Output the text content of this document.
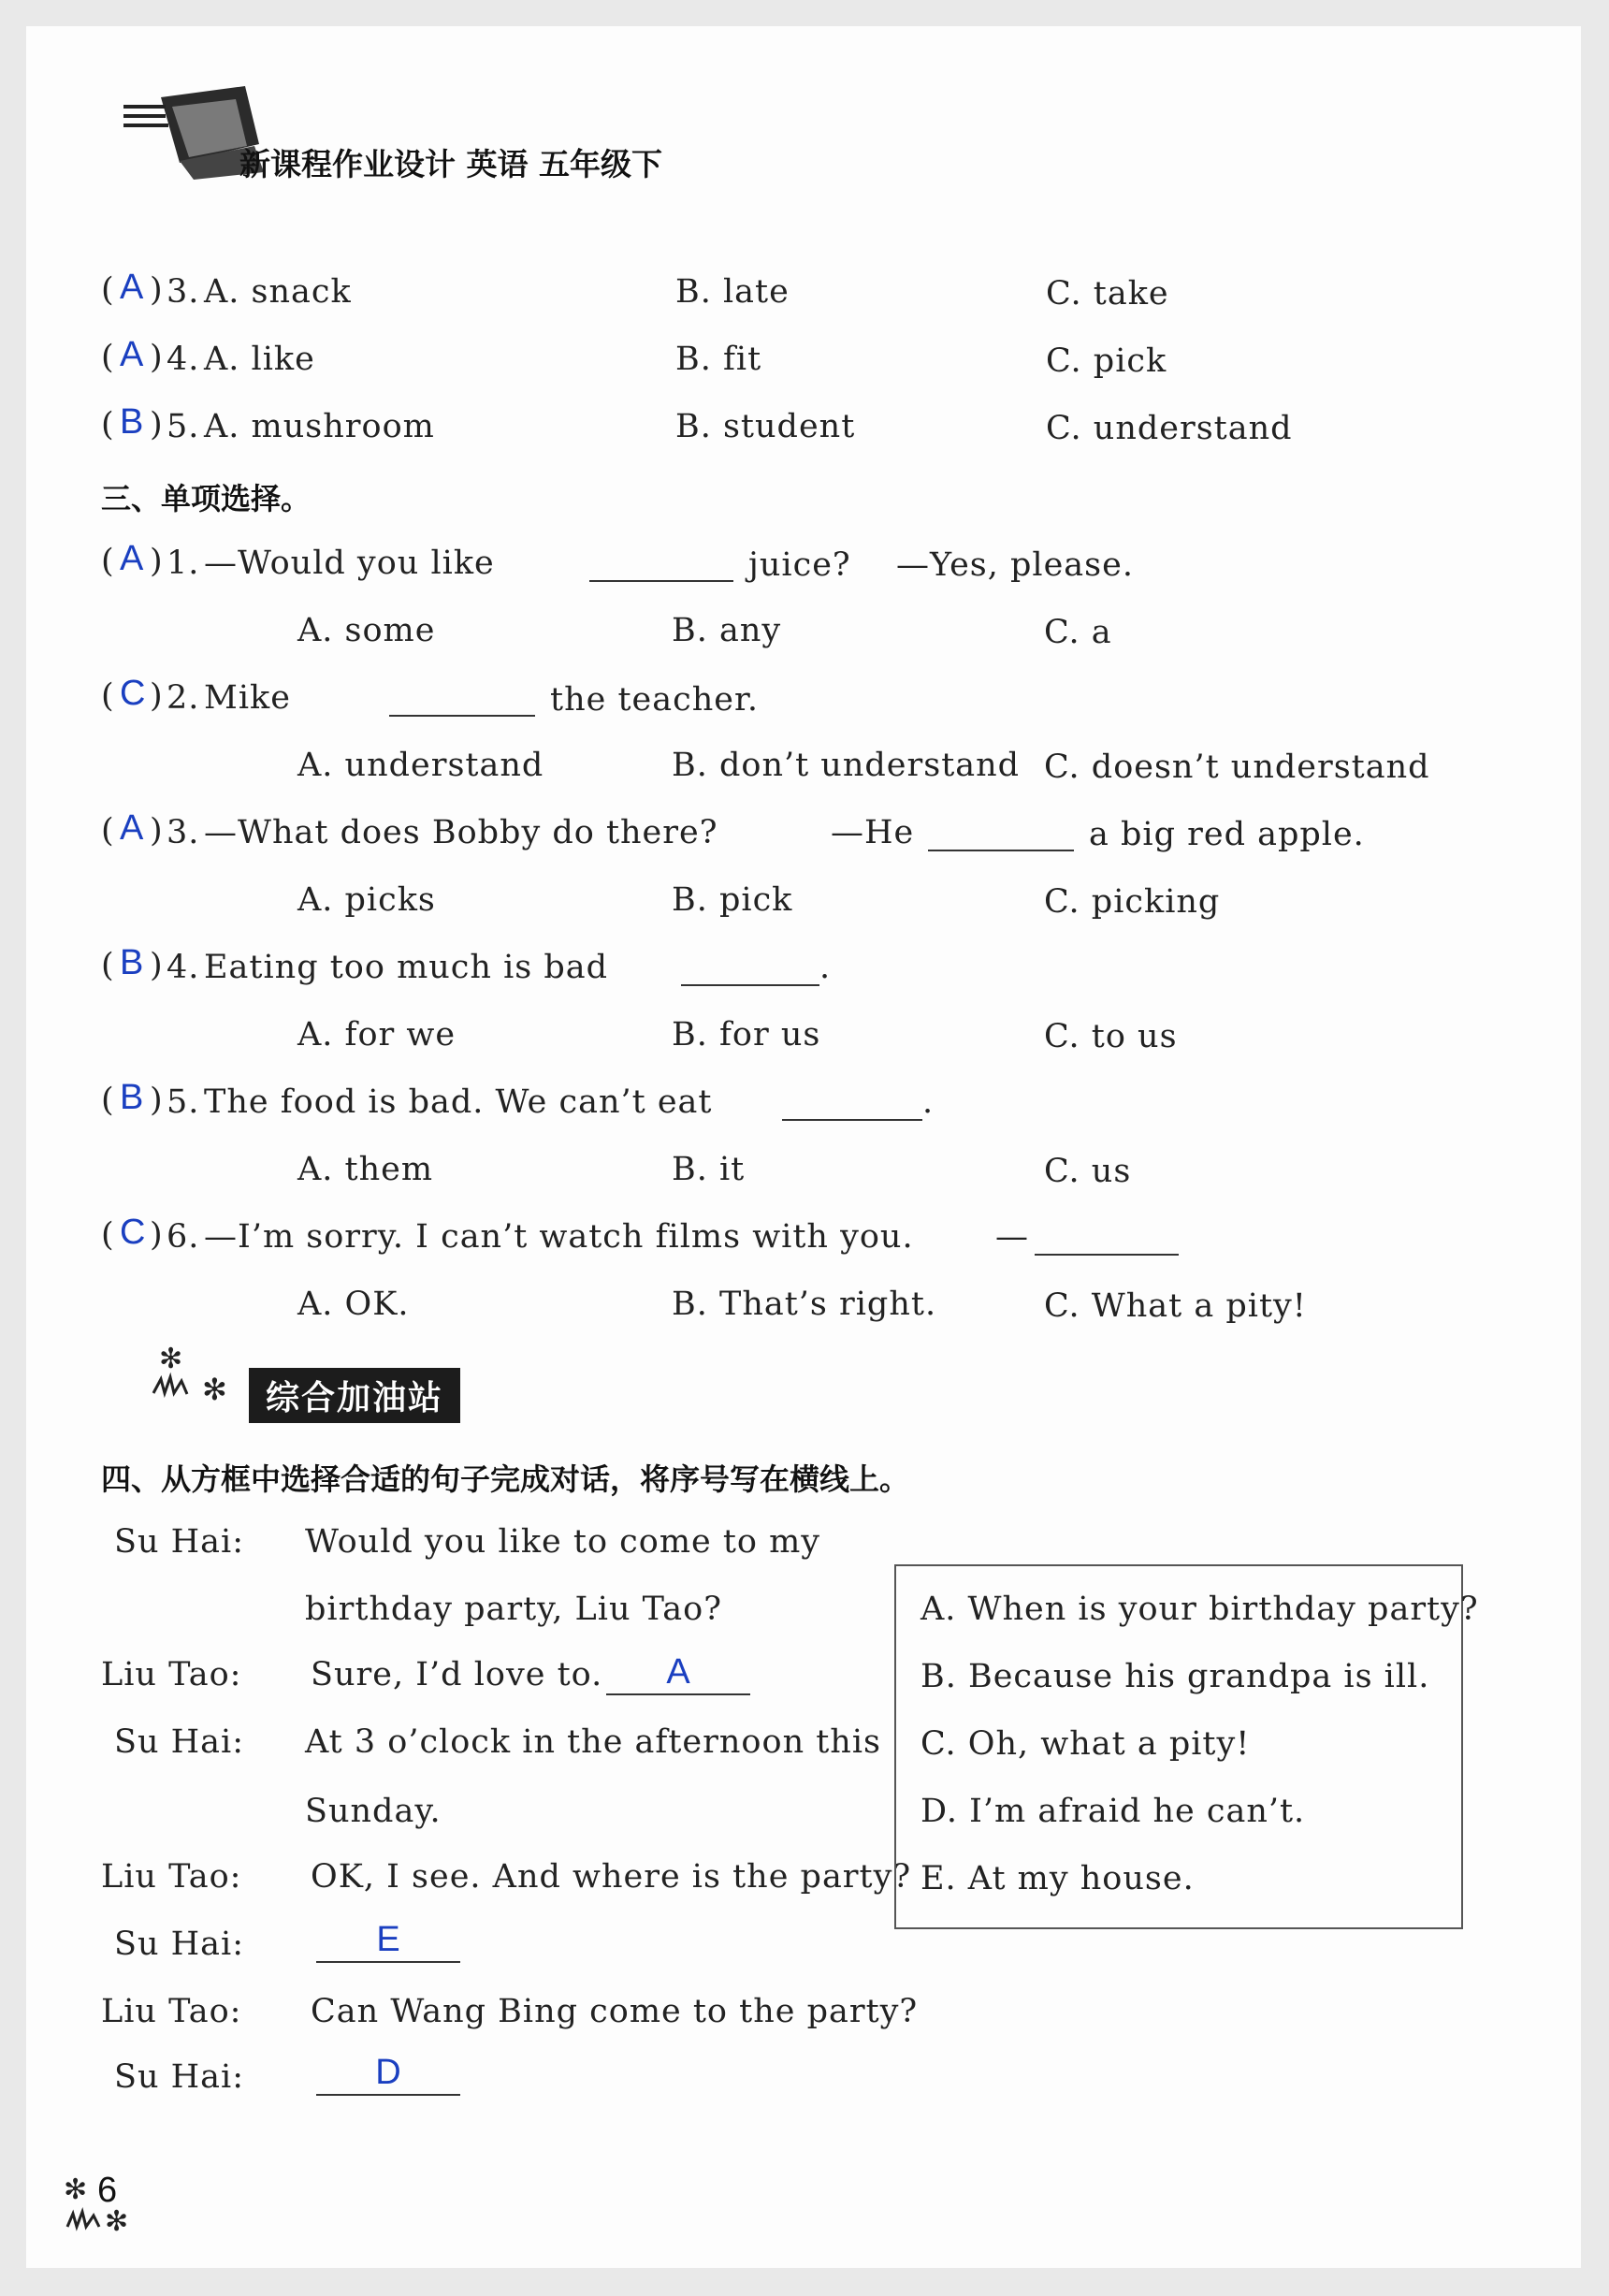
新课程作业设计 英语 五年级下
( A ) 3. A. snack	B. late	C. take
( A ) 4. A. like	B. fit	C. pick
( B ) 5. A. mushroom	B. student	C. understand
三、单项选择。
( A ) 1. —Would you like	juice? —Yes, please.
A. some	B. any	C. a
( C ) 2. Mike	the teacher.
A. understand	B. don’t understand C. doesn’t understand
( A ) 3. —What does Bobby do there?	—He	a big red apple.
A. picks	B. pick	C. picking
( B ) 4. Eating too much is bad	.
A. for we	B. for us	C. to us
( B ) 5. The food is bad. We can’t eat	.
A. them	B. it	C. us
( C ) 6. —I’m sorry. I can’t watch films with you. —
A. OK.	B. That’s right.	C. What a pity!
✻
✻	综合加油站
四、从方框中选择合适的句子完成对话，将序号写在横线上。
Su Hai: Would you like to come to my
birthday party, Liu Tao?
Liu Tao: Sure, I’d love to.	A
Su Hai: At 3 o’clock in the afternoon this
Sunday.
Liu Tao: OK, I see. And where is the party?
Su Hai:	E
Liu Tao: Can Wang Bing come to the party?
Su Hai:	D
A. When is your birthday party?
B. Because his grandpa is ill.
C. Oh, what a pity!
D. I’m afraid he can’t.
E. At my house.
✻
✻
6
